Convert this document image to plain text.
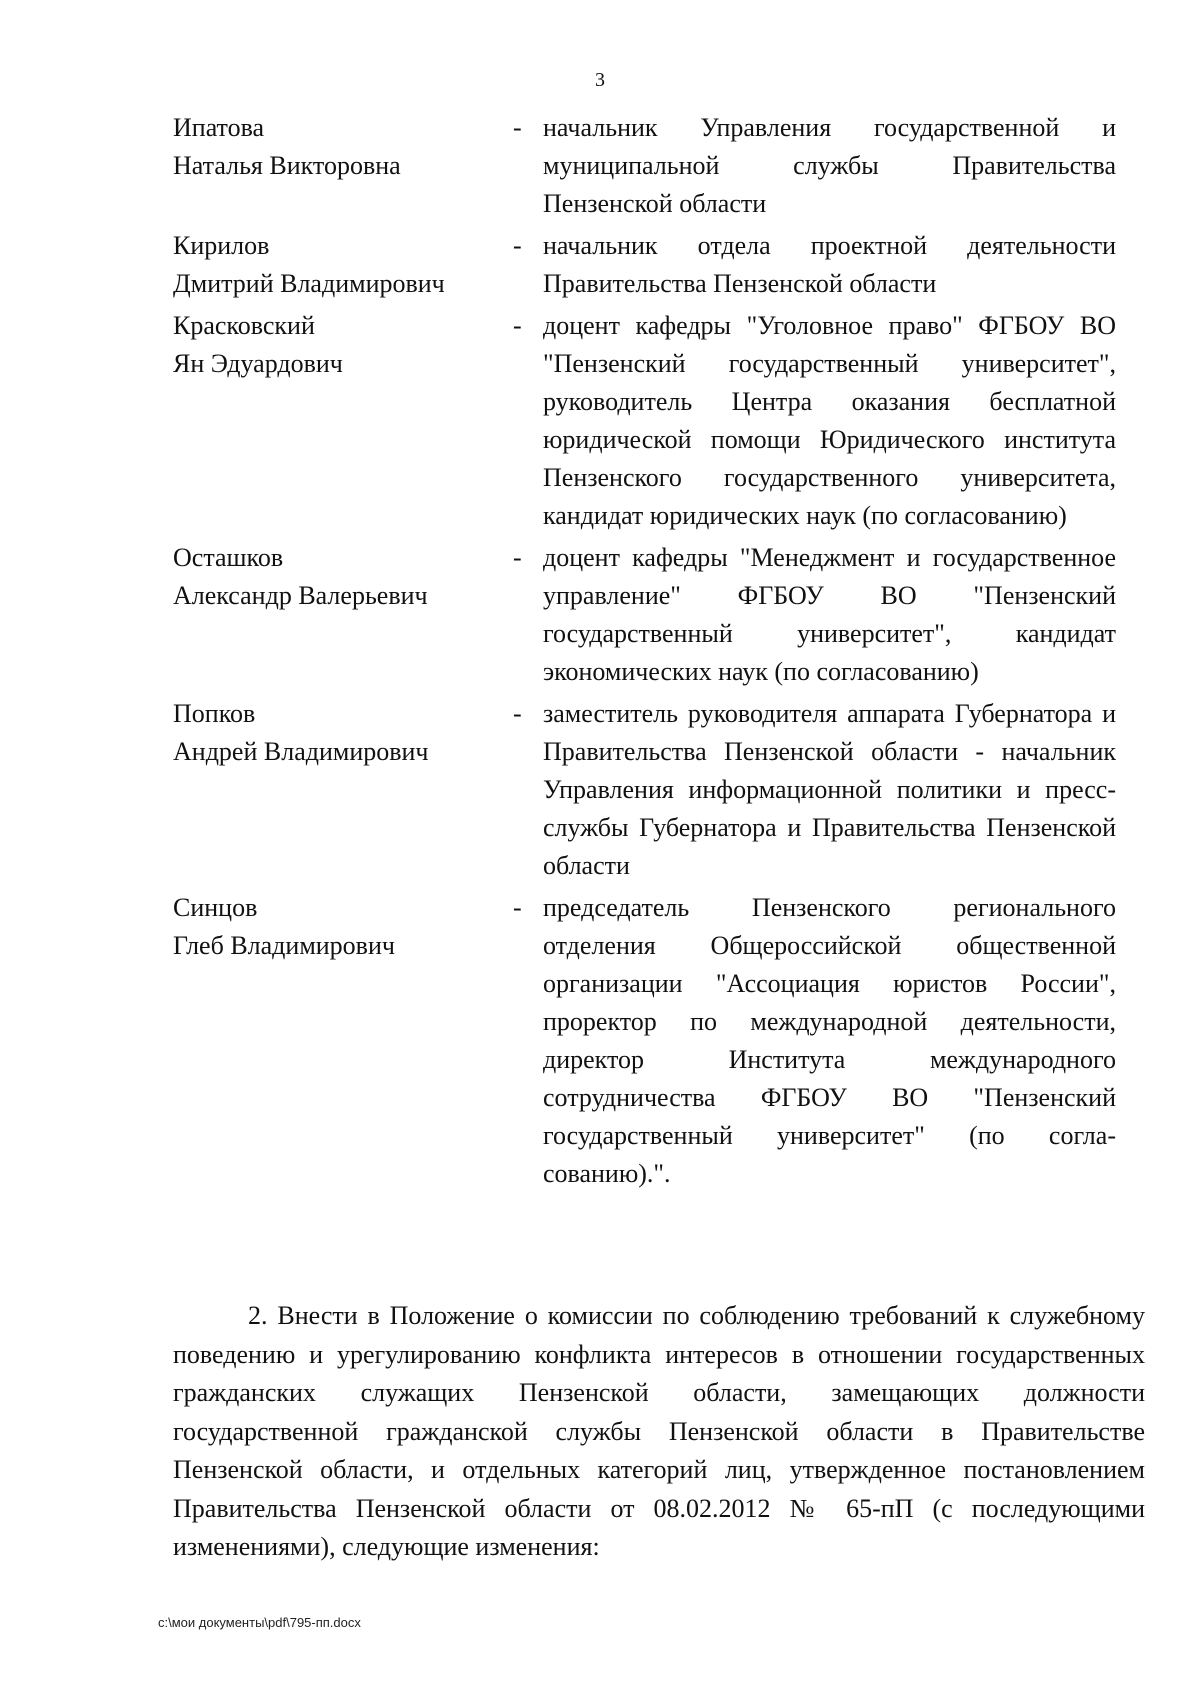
3
Ипатова
Наталья Викторовна
- начальник Управления государственной и муниципальной службы Правительства Пензенской области
Кирилов
Дмитрий Владимирович
- начальник отдела проектной деятельности Правительства Пензенской области
Красковский
Ян Эдуардович
- доцент кафедры "Уголовное право" ФГБОУ ВО "Пензенский государственный университет", руководитель Центра оказания бесплатной юридической помощи Юридического института Пензенского государственного университета, кандидат юридических наук (по согласованию)
Осташков
Александр Валерьевич
- доцент кафедры "Менеджмент и государственное управление" ФГБОУ ВО "Пензенский государственный университет", кандидат экономических наук (по согласованию)
Попков
Андрей Владимирович
- заместитель руководителя аппарата Губернатора и Правительства Пензенской области - начальник Управления информационной политики и пресс-службы Губернатора и Правительства Пензенской области
Синцов
Глеб Владимирович
- председатель Пензенского регионального отделения Общероссийской общественной организации "Ассоциация юристов России", проректор по международной деятельности, директор Института международного сотрудничества ФГБОУ ВО "Пензенский государственный университет" (по согласованию).".
2. Внести в Положение о комиссии по соблюдению требований к служебному поведению и урегулированию конфликта интересов в отношении государственных гражданских служащих Пензенской области, замещающих должности государственной гражданской службы Пензенской области в Правительстве Пензенской области, и отдельных категорий лиц, утвержденное постановлением Правительства Пензенской области от 08.02.2012 № 65-пП (с последующими изменениями), следующие изменения:
c:\мои документы\pdf\795-пп.docx
